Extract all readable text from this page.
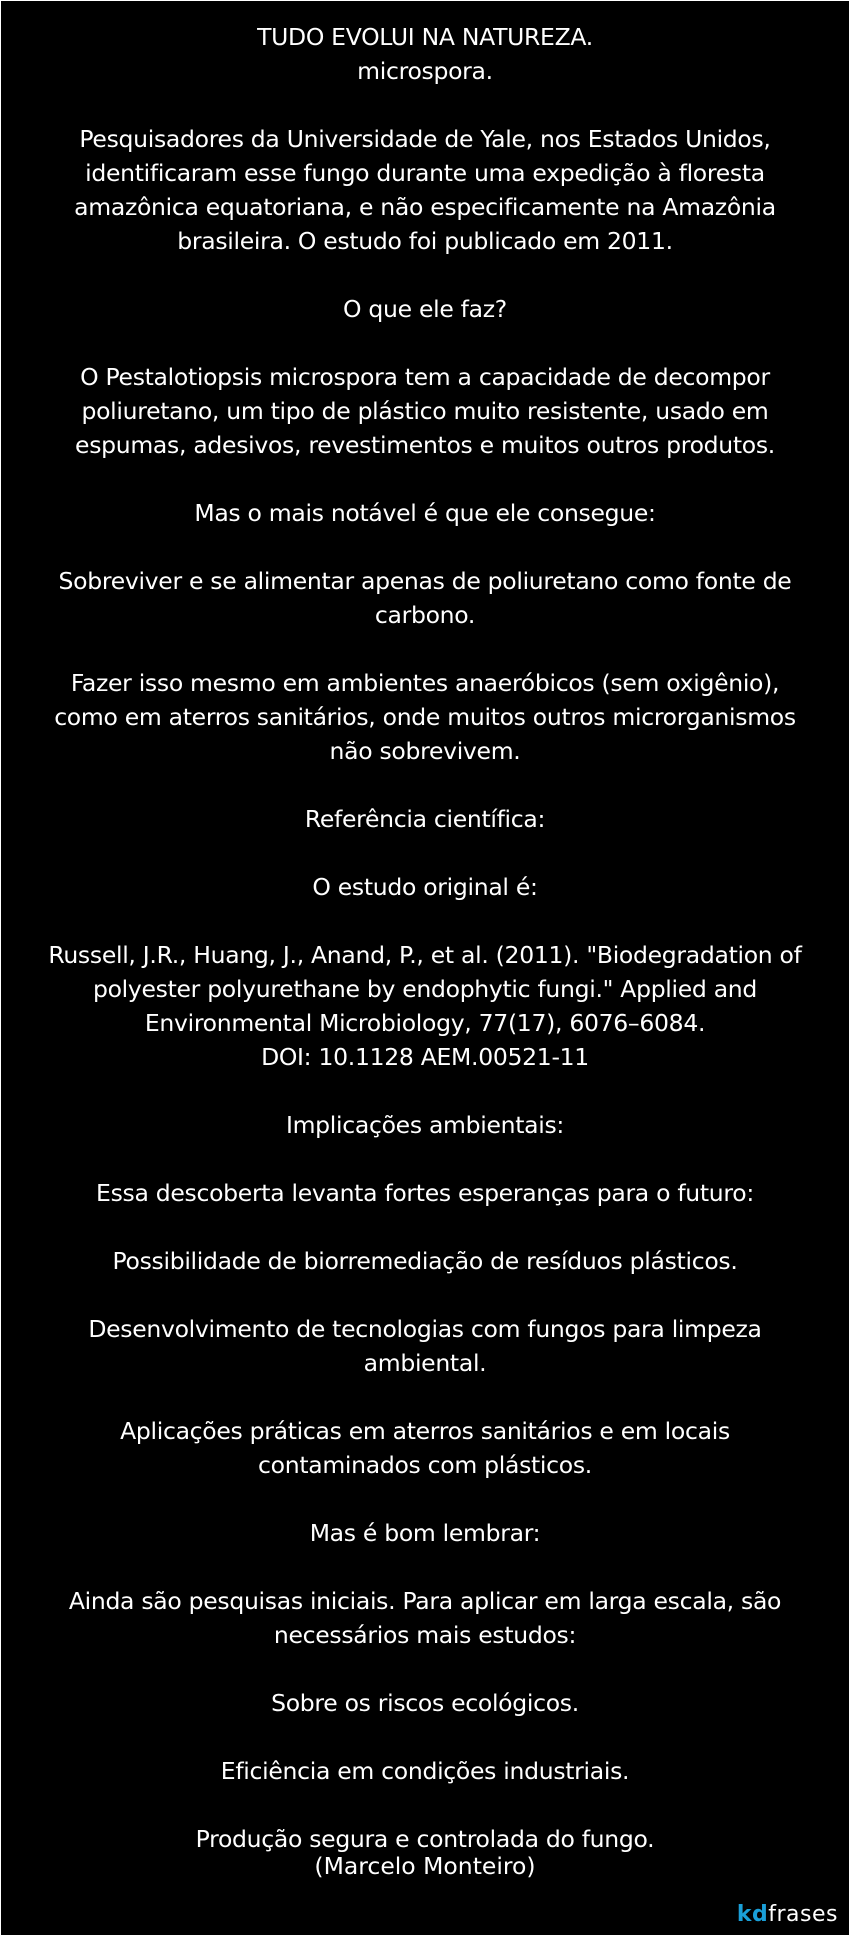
TUDO EVOLUI NA NATUREZA.
microspora.

Pesquisadores da Universidade de Yale, nos Estados Unidos, identificaram esse fungo durante uma expedição à floresta amazônica equatoriana, e não especificamente na Amazônia brasileira. O estudo foi publicado em 2011.

O que ele faz?

O Pestalotiopsis microspora tem a capacidade de decompor poliuretano, um tipo de plástico muito resistente, usado em espumas, adesivos, revestimentos e muitos outros produtos.

Mas o mais notável é que ele consegue:

Sobreviver e se alimentar apenas de poliuretano como fonte de carbono.

Fazer isso mesmo em ambientes anaeróbicos (sem oxigênio), como em aterros sanitários, onde muitos outros microrganismos não sobrevivem.

Referência científica:

O estudo original é:

Russell, J.R., Huang, J., Anand, P., et al. (2011). "Biodegradation of polyester polyurethane by endophytic fungi." Applied and Environmental Microbiology, 77(17), 6076–6084.
DOI: 10.1128 AEM.00521-11

Implicações ambientais:

Essa descoberta levanta fortes esperanças para o futuro:

Possibilidade de biorremediação de resíduos plásticos.

Desenvolvimento de tecnologias com fungos para limpeza ambiental.

Aplicações práticas em aterros sanitários e em locais contaminados com plásticos.

Mas é bom lembrar:

Ainda são pesquisas iniciais. Para aplicar em larga escala, são necessários mais estudos:

Sobre os riscos ecológicos.

Eficiência em condições industriais.

Produção segura e controlada do fungo.
(Marcelo Monteiro)
kdfrases
